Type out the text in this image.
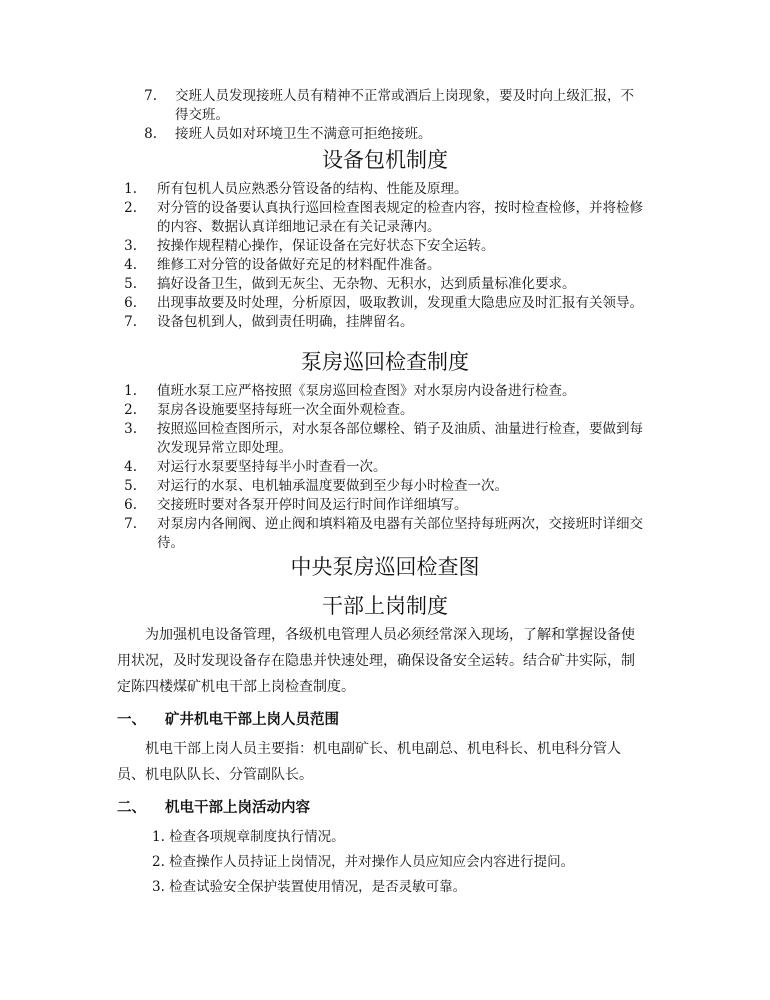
7. 交班人员发现接班人员有精神不正常或酒后上岗现象，要及时向上级汇报，不得交班。
8. 接班人员如对环境卫生不满意可拒绝接班。
设备包机制度
1. 所有包机人员应熟悉分管设备的结构、性能及原理。
2. 对分管的设备要认真执行巡回检查图表规定的检查内容，按时检查检修，并将检修的内容、数据认真详细地记录在有关记录薄内。
3. 按操作规程精心操作，保证设备在完好状态下安全运转。
4. 维修工对分管的设备做好充足的材料配件准备。
5. 搞好设备卫生，做到无灰尘、无杂物、无积水，达到质量标准化要求。
6. 出现事故要及时处理，分析原因，吸取教训，发现重大隐患应及时汇报有关领导。
7. 设备包机到人，做到责任明确，挂牌留名。
泵房巡回检查制度
1. 值班水泵工应严格按照《泵房巡回检查图》对水泵房内设备进行检查。
2. 泵房各设施要坚持每班一次全面外观检查。
3. 按照巡回检查图所示，对水泵各部位螺栓、销子及油质、油量进行检查，要做到每次发现异常立即处理。
4. 对运行水泵要坚持每半小时查看一次。
5. 对运行的水泵、电机轴承温度要做到至少每小时检查一次。
6. 交接班时要对各泵开停时间及运行时间作详细填写。
7. 对泵房内各闸阀、逆止阀和填料箱及电器有关部位坚持每班两次，交接班时详细交待。
中央泵房巡回检查图
干部上岗制度

为加强机电设备管理，各级机电管理人员必须经常深入现场，了解和掌握设备使用状况，及时发现设备存在隐患并快速处理，确保设备安全运转。结合矿井实际，制定陈四楼煤矿机电干部上岗检查制度。

一、 矿井机电干部上岗人员范围

机电干部上岗人员主要指：机电副矿长、机电副总、机电科长、机电科分管人员、机电队队长、分管副队长。

二、 机电干部上岗活动内容
1. 检查各项规章制度执行情况。
2. 检查操作人员持证上岗情况，并对操作人员应知应会内容进行提问。
3. 检查试验安全保护装置使用情况，是否灵敏可靠。
